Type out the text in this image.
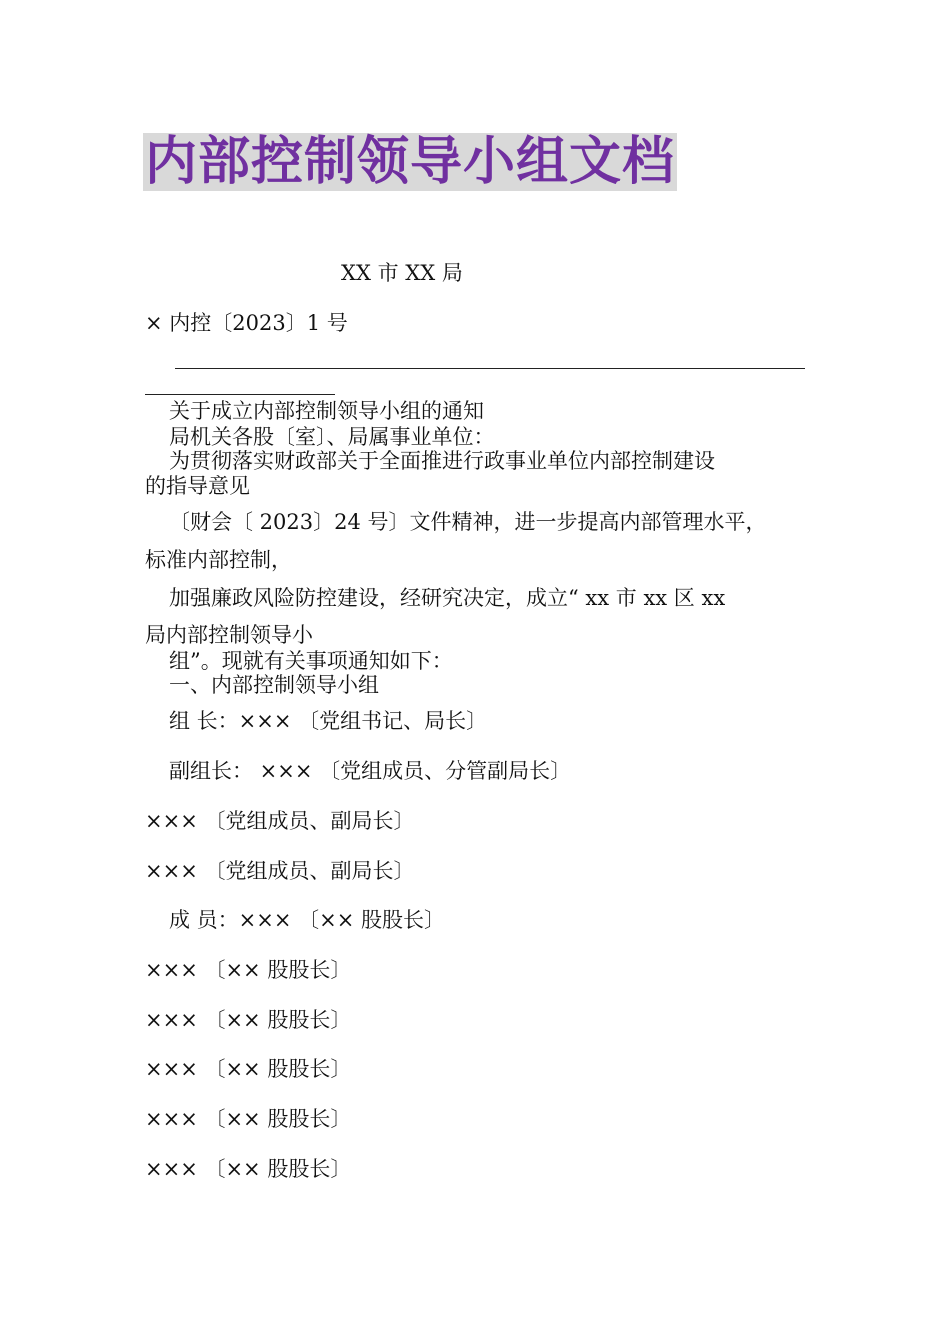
内部控制领导小组文档
XX 市 XX 局
× 内控〔2023〕1 号
关于成立内部控制领导小组的通知
局机关各股〔室〕、局属事业单位：
为贯彻落实财政部关于全面推进行政事业单位内部控制建设
的指导意见
〔财会〔 2023〕24 号〕文件精神，进一步提高内部管理水平，
标准内部控制，
加强廉政风险防控建设，经研究决定，成立“ xx 市 xx 区 xx
局内部控制领导小
组”。现就有关事项通知如下：
一、内部控制领导小组
组 长：××× 〔党组书记、局长〕
副组长： ××× 〔党组成员、分管副局长〕
××× 〔党组成员、副局长〕
××× 〔党组成员、副局长〕
成 员：××× 〔×× 股股长〕
××× 〔×× 股股长〕
××× 〔×× 股股长〕
××× 〔×× 股股长〕
××× 〔×× 股股长〕
××× 〔×× 股股长〕
